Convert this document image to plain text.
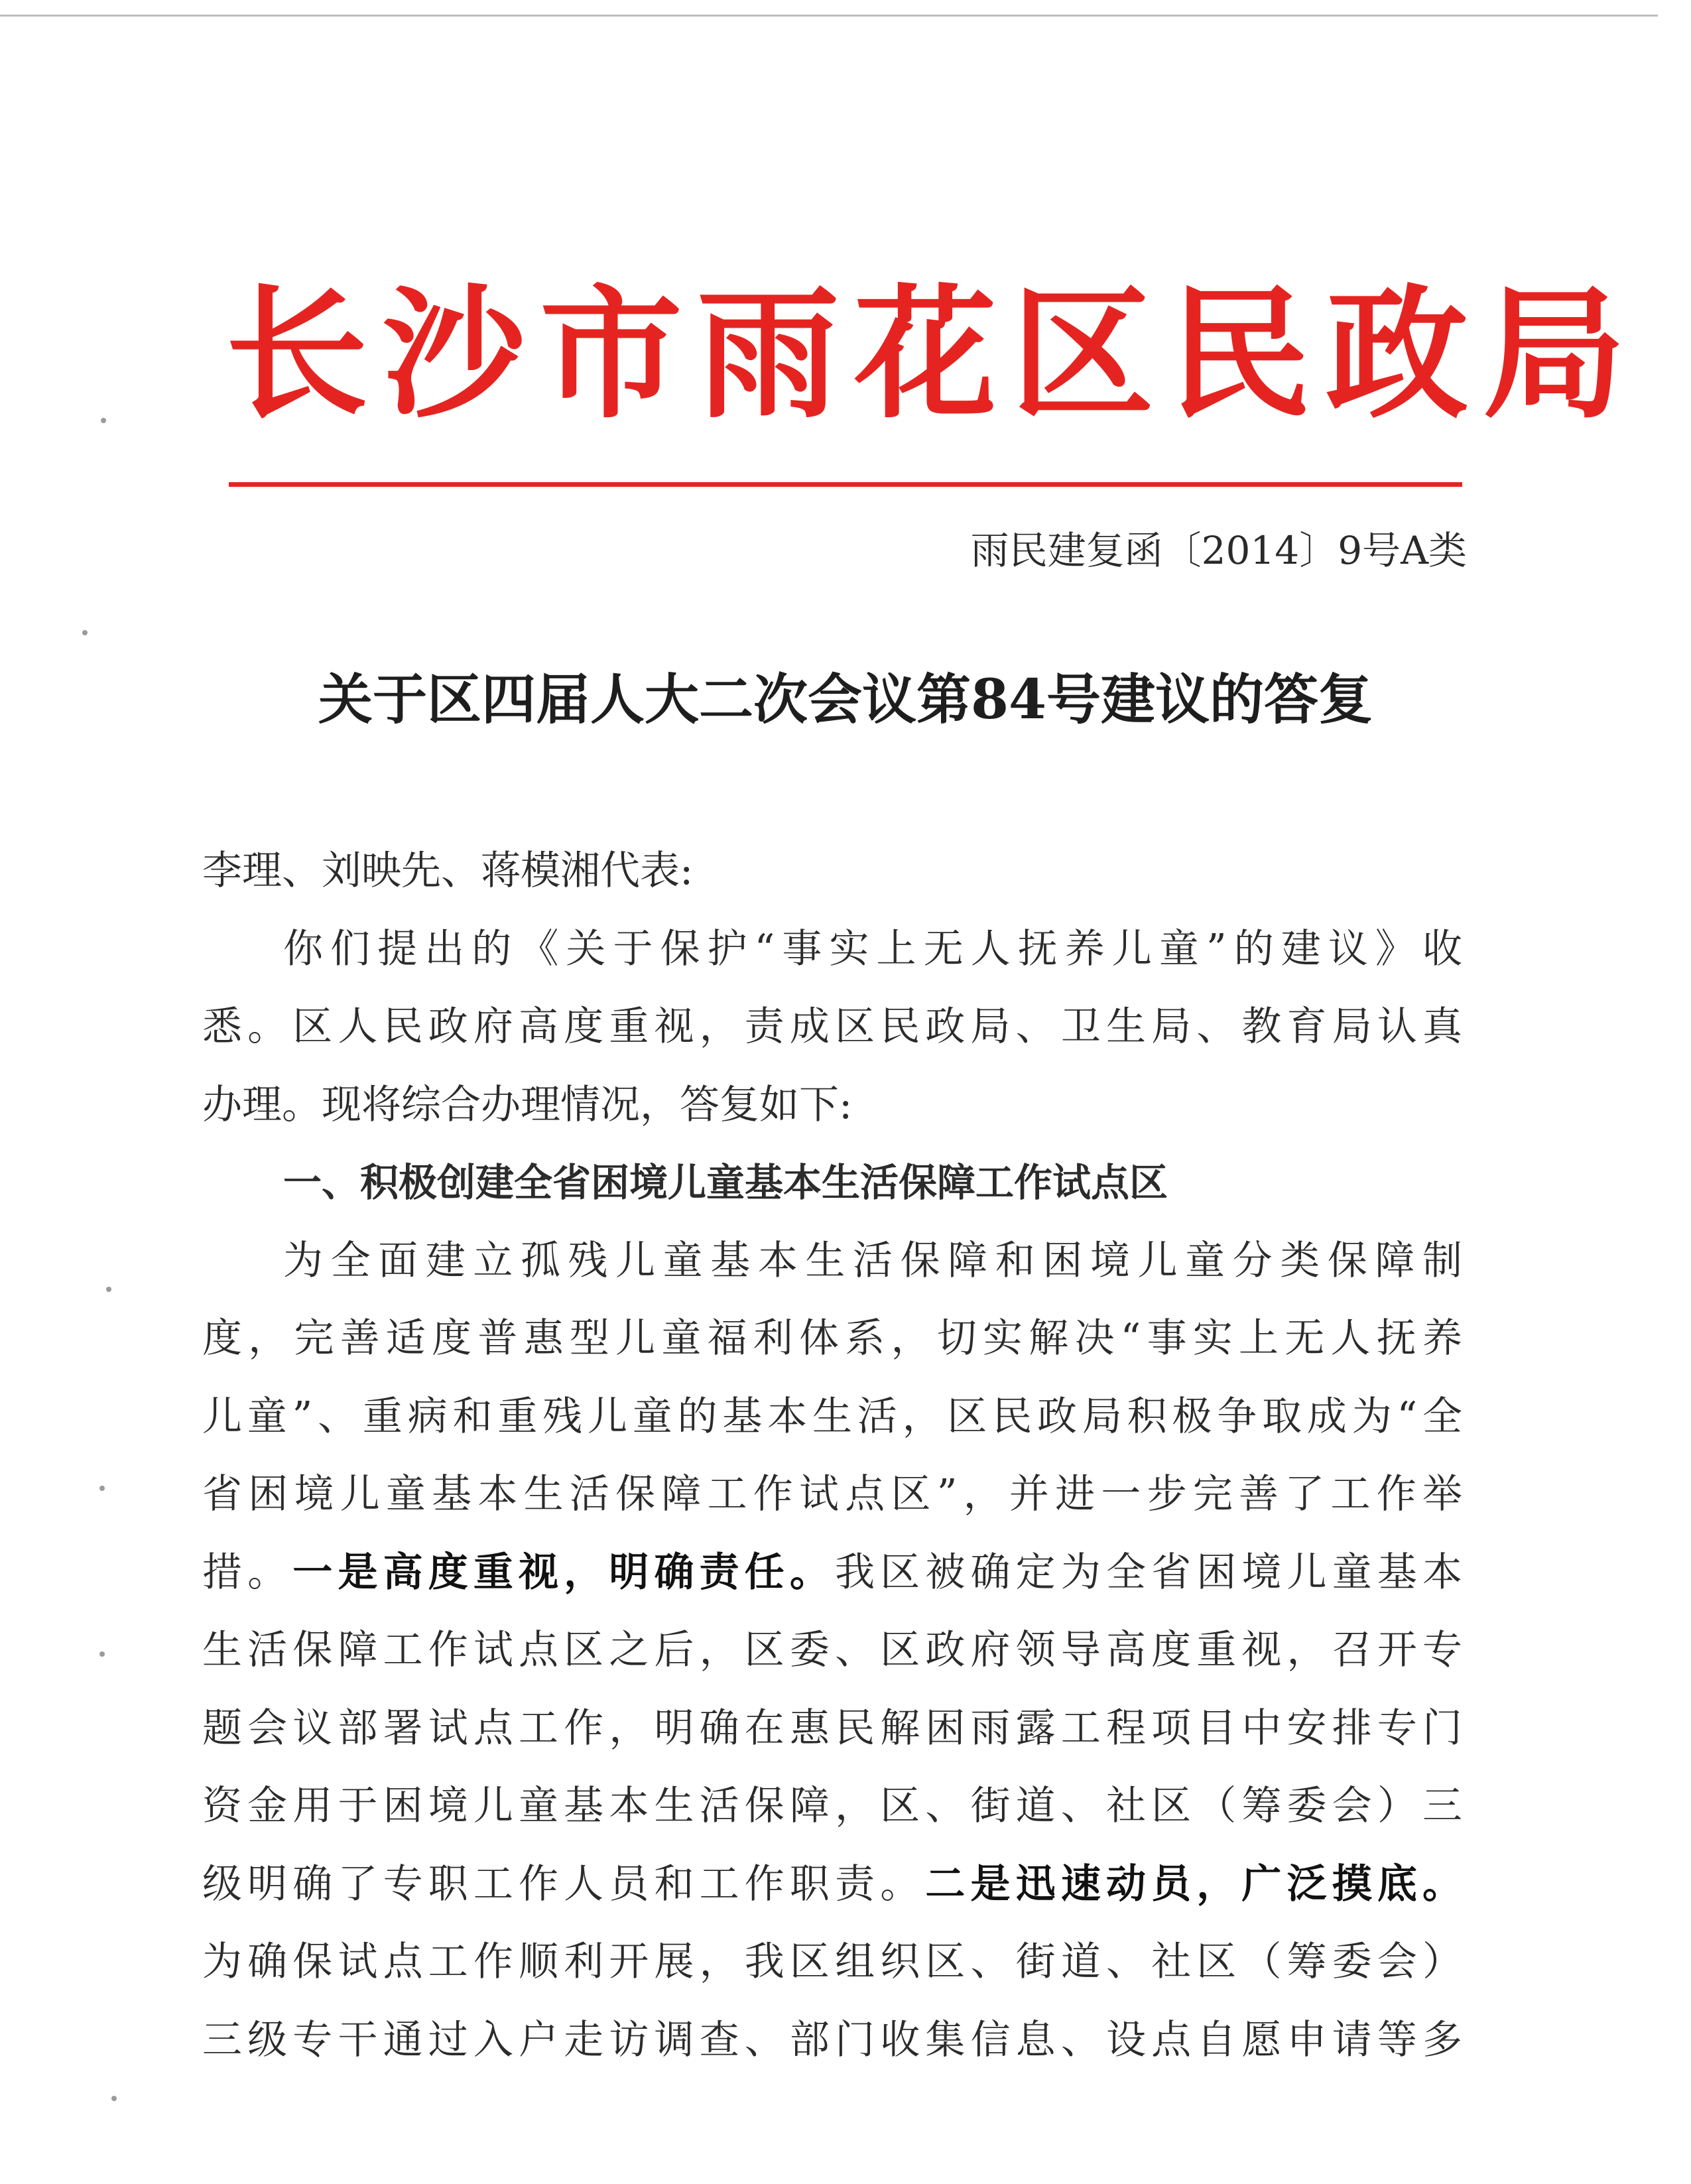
长沙市雨花区民政局
雨民建复函〔2014〕9号A类
关于区四届人大二次会议第84号建议的答复
李理、刘映先、蒋模湘代表:
你们提出的《关于保护“事实上无人抚养儿童”的建议》收
悉。区人民政府高度重视，责成区民政局、卫生局、教育局认真
办理。现将综合办理情况，答复如下:
一、积极创建全省困境儿童基本生活保障工作试点区
为全面建立孤残儿童基本生活保障和困境儿童分类保障制
度，完善适度普惠型儿童福利体系，切实解决“事实上无人抚养
儿童”、重病和重残儿童的基本生活，区民政局积极争取成为“全
省困境儿童基本生活保障工作试点区”，并进一步完善了工作举
措。一是高度重视，明确责任。我区被确定为全省困境儿童基本
生活保障工作试点区之后，区委、区政府领导高度重视，召开专
题会议部署试点工作，明确在惠民解困雨露工程项目中安排专门
资金用于困境儿童基本生活保障，区、街道、社区（筹委会）三
级明确了专职工作人员和工作职责。二是迅速动员，广泛摸底。
为确保试点工作顺利开展，我区组织区、街道、社区（筹委会）
三级专干通过入户走访调查、部门收集信息、设点自愿申请等多
